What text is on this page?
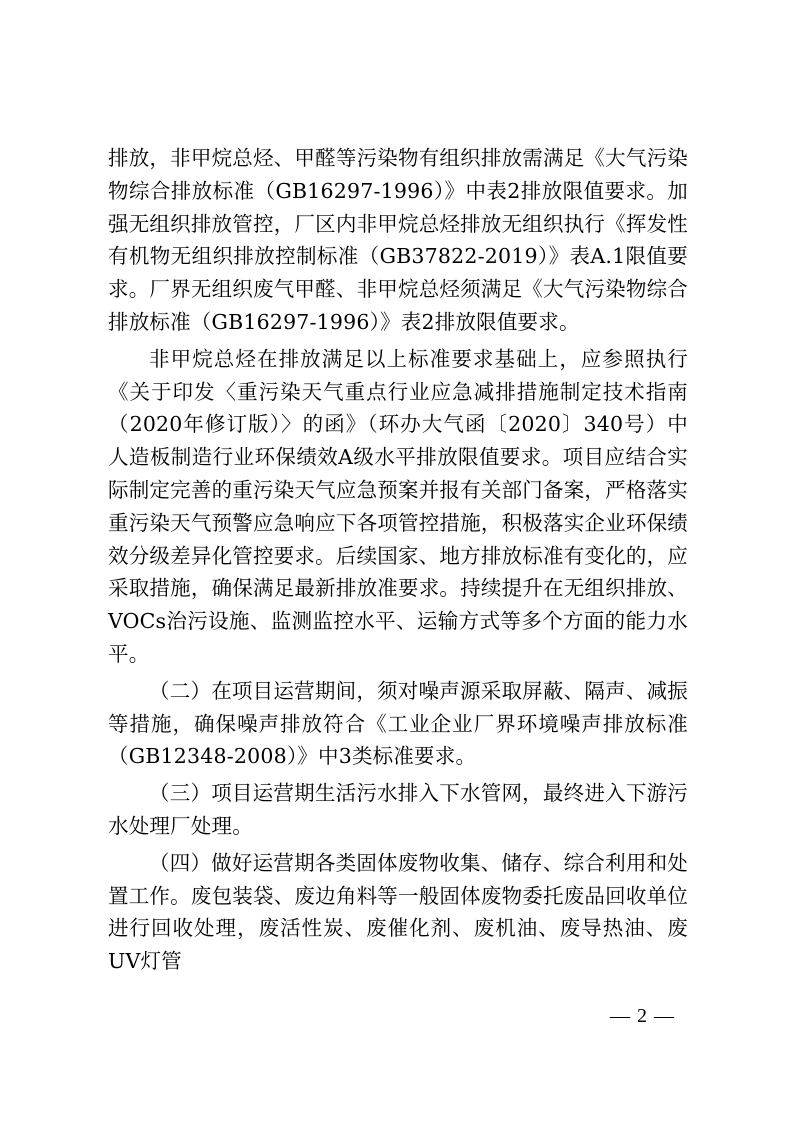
排放，非甲烷总烃、甲醛等污染物有组织排放需满足《大气污染物综合排放标准（GB16297-1996）》中表2排放限值要求。加强无组织排放管控，厂区内非甲烷总烃排放无组织执行《挥发性有机物无组织排放控制标准（GB37822-2019）》表A.1限值要求。厂界无组织废气甲醛、非甲烷总烃须满足《大气污染物综合排放标准（GB16297-1996）》表2排放限值要求。

非甲烷总烃在排放满足以上标准要求基础上，应参照执行《关于印发〈重污染天气重点行业应急减排措施制定技术指南（2020年修订版）〉的函》（环办大气函〔2020〕340号）中人造板制造行业环保绩效A级水平排放限值要求。项目应结合实际制定完善的重污染天气应急预案并报有关部门备案，严格落实重污染天气预警应急响应下各项管控措施，积极落实企业环保绩效分级差异化管控要求。后续国家、地方排放标准有变化的，应采取措施，确保满足最新排放准要求。持续提升在无组织排放、VOCs治污设施、监测监控水平、运输方式等多个方面的能力水平。

（二）在项目运营期间，须对噪声源采取屏蔽、隔声、减振等措施，确保噪声排放符合《工业企业厂界环境噪声排放标准（GB12348-2008）》中3类标准要求。

（三）项目运营期生活污水排入下水管网，最终进入下游污水处理厂处理。

（四）做好运营期各类固体废物收集、储存、综合利用和处置工作。废包装袋、废边角料等一般固体废物委托废品回收单位进行回收处理，废活性炭、废催化剂、废机油、废导热油、废UV灯管

— 2 —
